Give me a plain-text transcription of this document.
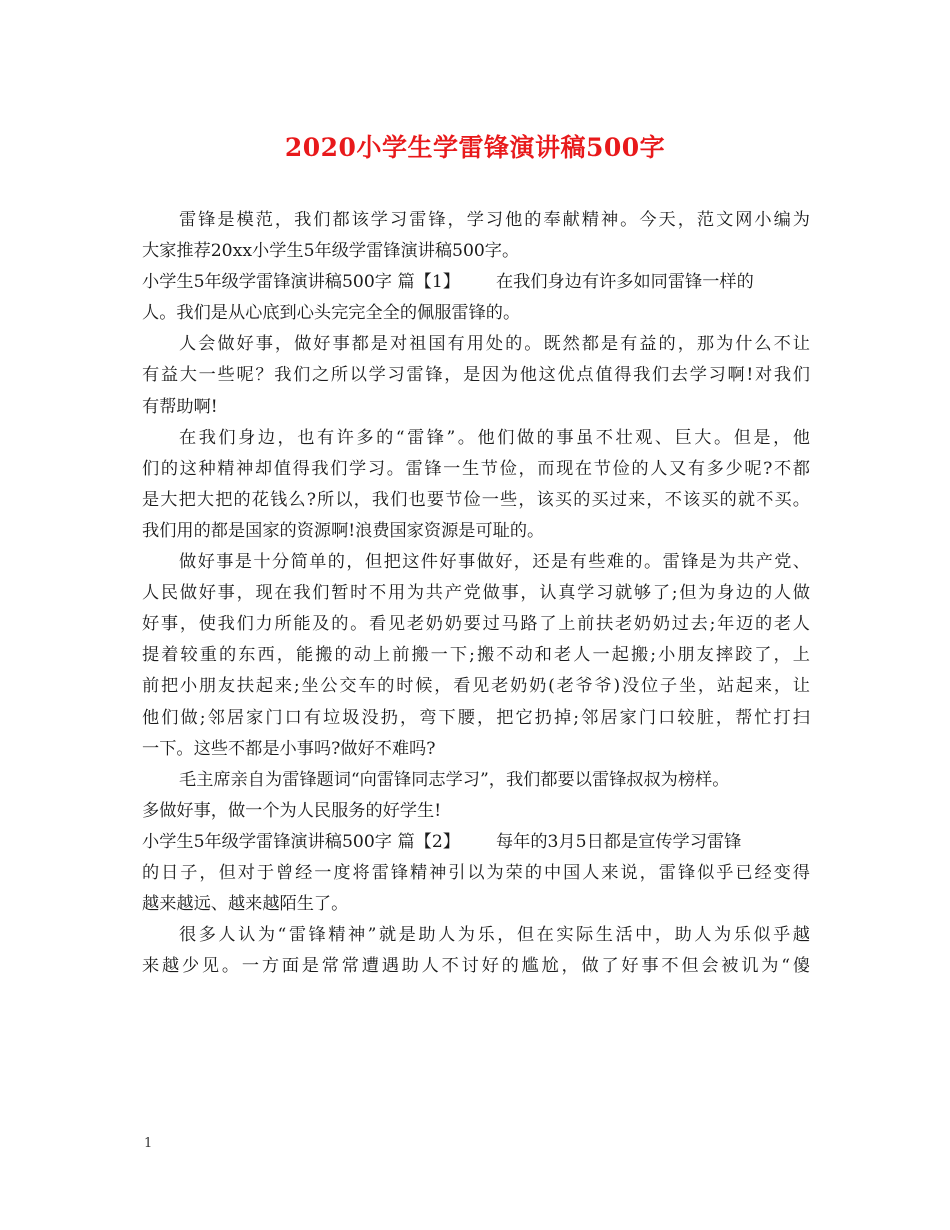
2020小学生学雷锋演讲稿500字
雷锋是模范，我们都该学习雷锋，学习他的奉献精神。今天，范文网小编为
大家推荐20xx小学生5年级学雷锋演讲稿500字。
小学生5年级学雷锋演讲稿500字 篇【1】 在我们身边有许多如同雷锋一样的
人。我们是从心底到心头完完全全的佩服雷锋的。
人会做好事，做好事都是对祖国有用处的。既然都是有益的，那为什么不让
有益大一些呢？我们之所以学习雷锋，是因为他这优点值得我们去学习啊!对我们
有帮助啊!
在我们身边，也有许多的“雷锋”。他们做的事虽不壮观、巨大。但是，他
们的这种精神却值得我们学习。雷锋一生节俭，而现在节俭的人又有多少呢?不都
是大把大把的花钱么?所以，我们也要节俭一些，该买的买过来，不该买的就不买。
我们用的都是国家的资源啊!浪费国家资源是可耻的。
做好事是十分简单的，但把这件好事做好，还是有些难的。雷锋是为共产党、
人民做好事，现在我们暂时不用为共产党做事，认真学习就够了;但为身边的人做
好事，使我们力所能及的。看见老奶奶要过马路了上前扶老奶奶过去;年迈的老人
提着较重的东西，能搬的动上前搬一下;搬不动和老人一起搬;小朋友摔跤了，上
前把小朋友扶起来;坐公交车的时候，看见老奶奶(老爷爷)没位子坐，站起来，让
他们做;邻居家门口有垃圾没扔，弯下腰，把它扔掉;邻居家门口较脏，帮忙打扫
一下。这些不都是小事吗?做好不难吗?
毛主席亲自为雷锋题词“向雷锋同志学习”，我们都要以雷锋叔叔为榜样。
多做好事，做一个为人民服务的好学生!
小学生5年级学雷锋演讲稿500字 篇【2】 每年的3月5日都是宣传学习雷锋
的日子，但对于曾经一度将雷锋精神引以为荣的中国人来说，雷锋似乎已经变得
越来越远、越来越陌生了。
很多人认为“雷锋精神”就是助人为乐，但在实际生活中，助人为乐似乎越
来越少见。一方面是常常遭遇助人不讨好的尴尬，做了好事不但会被讥为“傻
1
